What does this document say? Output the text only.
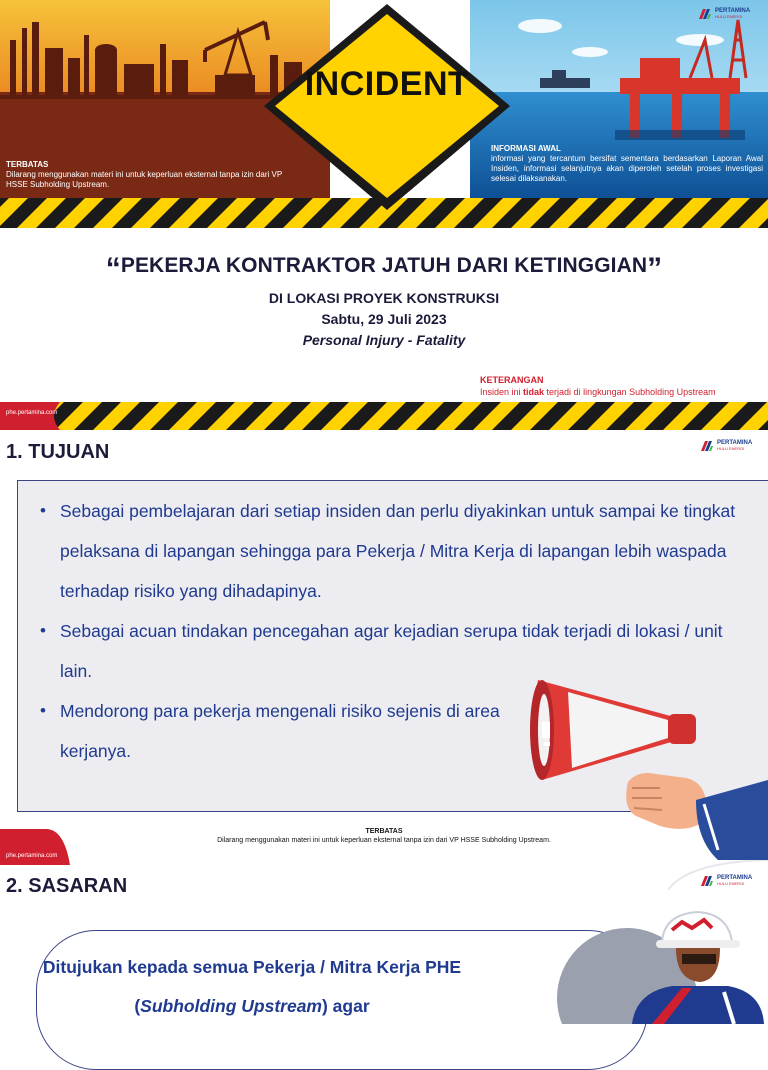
INCIDENT
TERBATAS
Dilarang menggunakan materi ini untuk keperluan eksternal tanpa izin dari VP HSSE Subholding Upstream.
INFORMASI AWAL
informasi yang tercantum bersifat sementara berdasarkan Laporan Awal Insiden, informasi selanjutnya akan diperoleh setelah proses investigasi selesai dilaksanakan.
PERTAMINA
HULU ENERGI
“PEKERJA KONTRAKTOR JATUH DARI KETINGGIAN”
DI LOKASI PROYEK KONSTRUKSI
Sabtu, 29 Juli 2023
Personal Injury - Fatality
KETERANGAN
Insiden ini tidak terjadi di lingkungan Subholding Upstream
phe.pertamina.com
1. TUJUAN	PERTAMINA
HULU ENERGI
• Sebagai pembelajaran dari setiap insiden dan perlu diyakinkan untuk sampai ke tingkat pelaksana di lapangan sehingga para Pekerja / Mitra Kerja di lapangan lebih waspada terhadap risiko yang dihadapinya.
• Sebagai acuan tindakan pencegahan agar kejadian serupa tidak terjadi di lokasi / unit lain.
• Mendorong para pekerja mengenali risiko sejenis di area kerjanya.
TERBATAS
Dilarang menggunakan materi ini untuk keperluan eksternal tanpa izin dari VP HSSE Subholding Upstream.
phe.pertamina.com
2. SASARAN	PERTAMINA
HULU ENERGI
Ditujukan kepada semua Pekerja / Mitra Kerja PHE (Subholding Upstream) agar
